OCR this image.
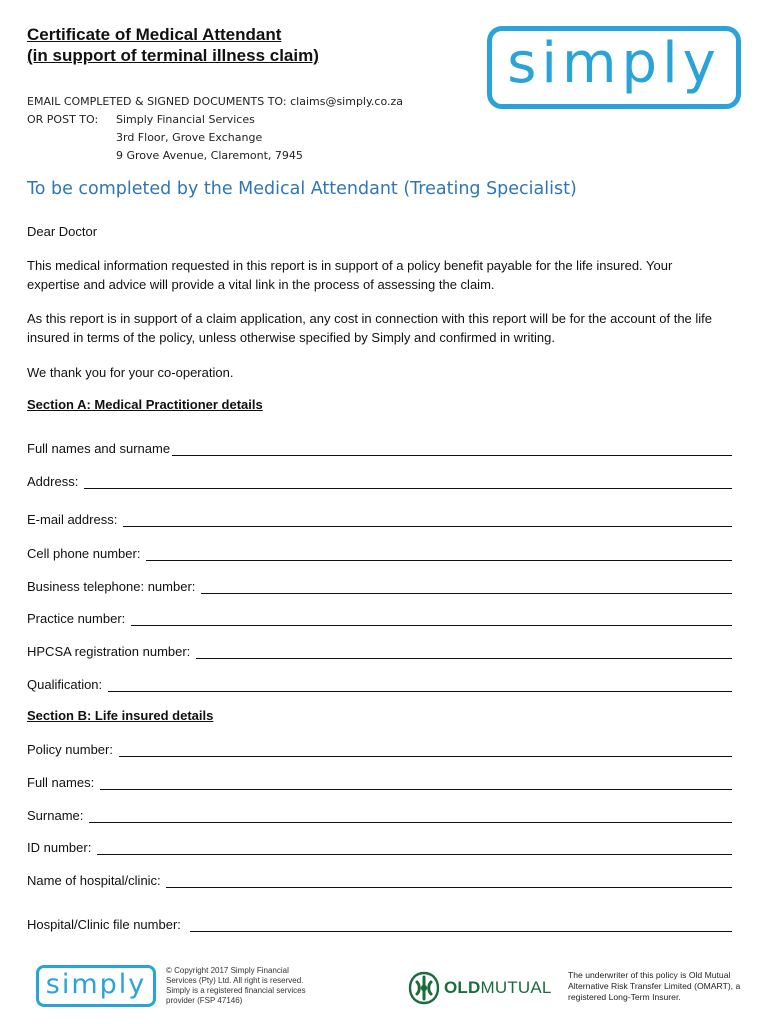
Certificate of Medical Attendant
(in support of terminal illness claim)	simply
EMAIL COMPLETED & SIGNED DOCUMENTS TO: claims@simply.co.za
OR POST TO:	Simply Financial Services
3rd Floor, Grove Exchange
9 Grove Avenue, Claremont, 7945
To be completed by the Medical Attendant (Treating Specialist)

Dear Doctor

This medical information requested in this report is in support of a policy benefit payable for the life insured. Your expertise and advice will provide a vital link in the process of assessing the claim.

As this report is in support of a claim application, any cost in connection with this report will be for the account of the life insured in terms of the policy, unless otherwise specified by Simply and confirmed in writing.

We thank you for your co-operation.

Section A: Medical Practitioner details
Full names and surname
Address:
E-mail address:
Cell phone number:
Business telephone: number:
Practice number:
HPCSA registration number:
Qualification:
Section B: Life insured details
Policy number:
Full names:
Surname:
ID number:
Name of hospital/clinic:
Hospital/Clinic file number:
simply	© Copyright 2017 Simply Financial Services (Pty) Ltd. All right is reserved. Simply is a registered financial services provider (FSP 47146)
OLDMUTUAL
The underwriter of this policy is Old Mutual Alternative Risk Transfer Limited (OMART), a registered Long-Term Insurer.
